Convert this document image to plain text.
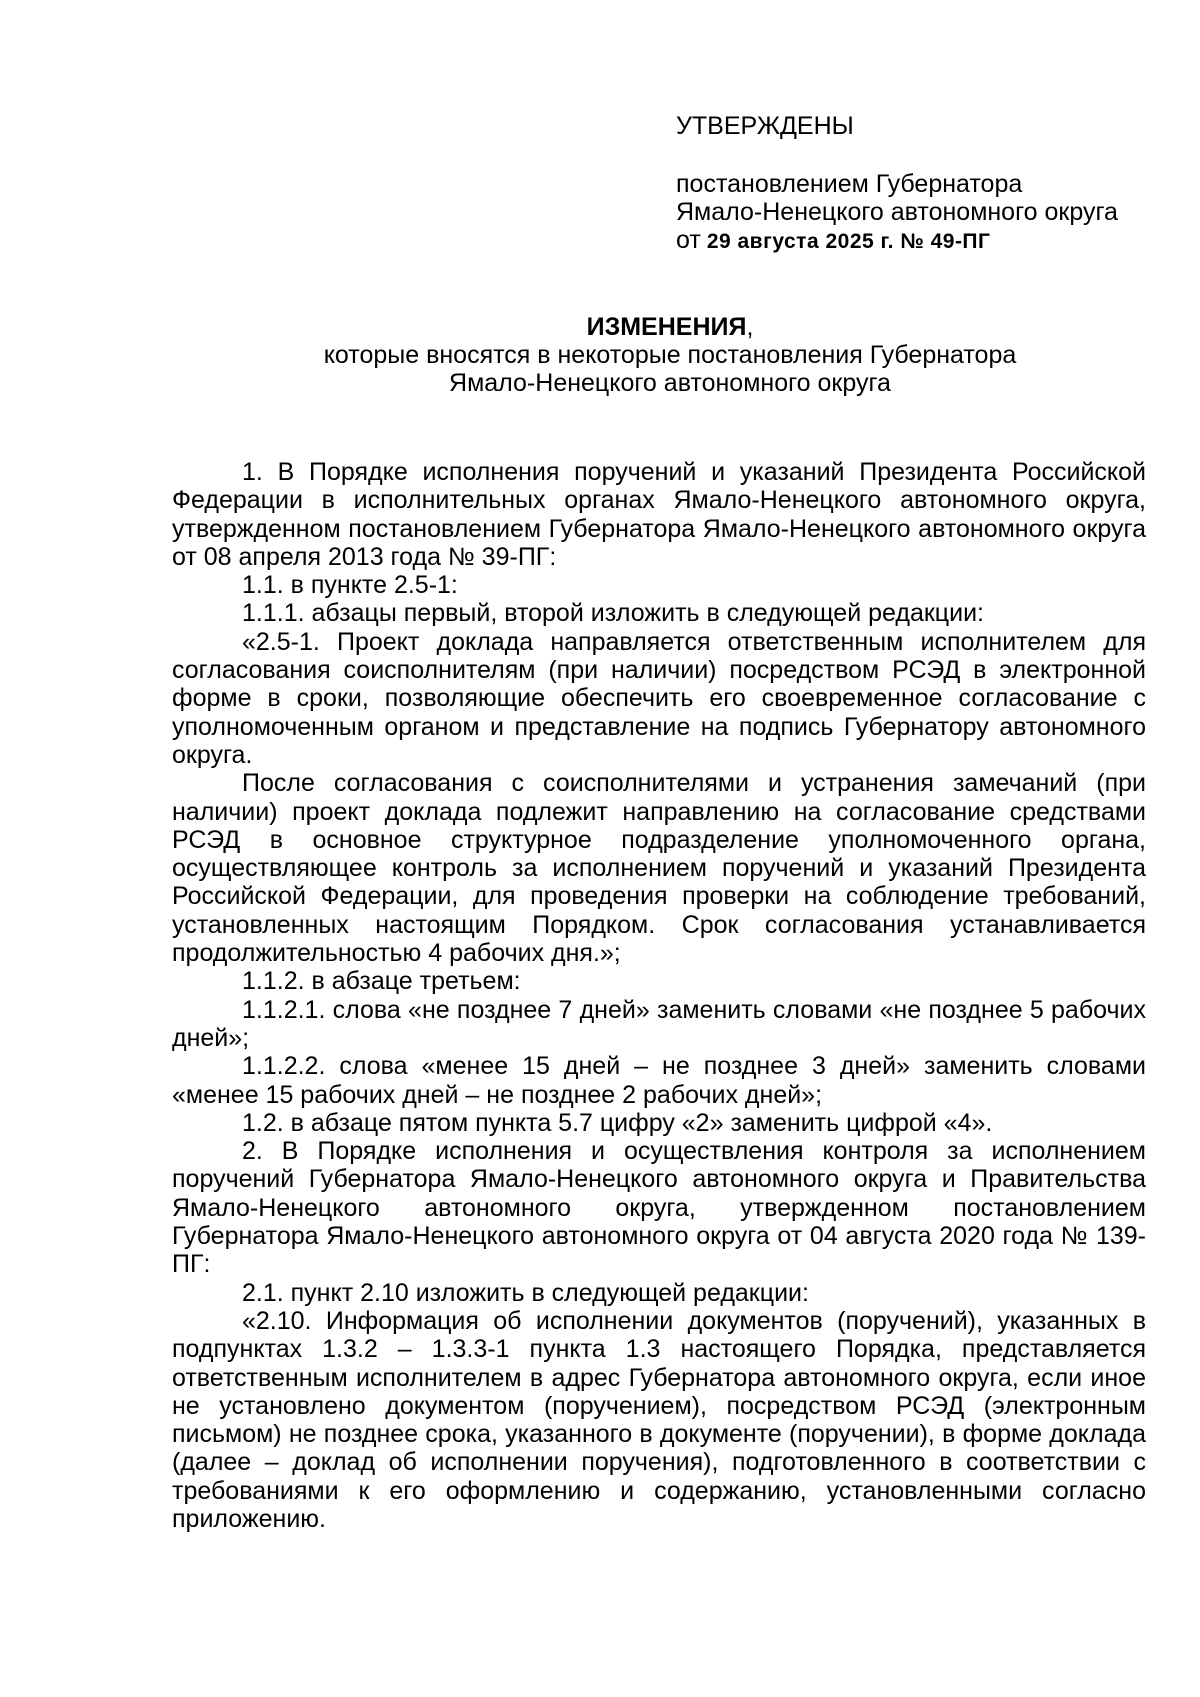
УТВЕРЖДЕНЫ
постановлением Губернатора
Ямало-Ненецкого автономного округа
от 29 августа 2025 г. № 49-ПГ
ИЗМЕНЕНИЯ,
которые вносятся в некоторые постановления Губернатора
Ямало-Ненецкого автономного округа

1. В Порядке исполнения поручений и указаний Президента Российской Федерации в исполнительных органах Ямало-Ненецкого автономного округа, утвержденном постановлением Губернатора Ямало-Ненецкого автономного округа от 08 апреля 2013 года № 39-ПГ:

1.1. в пункте 2.5-1:

1.1.1. абзацы первый, второй изложить в следующей редакции:

«2.5-1. Проект доклада направляется ответственным исполнителем для согласования соисполнителям (при наличии) посредством РСЭД в электронной форме в сроки, позволяющие обеспечить его своевременное согласование с уполномоченным органом и представление на подпись Губернатору автономного округа.

После согласования с соисполнителями и устранения замечаний (при наличии) проект доклада подлежит направлению на согласование средствами РСЭД в основное структурное подразделение уполномоченного органа, осуществляющее контроль за исполнением поручений и указаний Президента Российской Федерации, для проведения проверки на соблюдение требований, установленных настоящим Порядком. Срок согласования устанавливается продолжительностью 4 рабочих дня.»;

1.1.2. в абзаце третьем:

1.1.2.1. слова «не позднее 7 дней» заменить словами «не позднее 5 рабочих дней»;

1.1.2.2. слова «менее 15 дней – не позднее 3 дней» заменить словами «менее 15 рабочих дней – не позднее 2 рабочих дней»;

1.2. в абзаце пятом пункта 5.7 цифру «2» заменить цифрой «4».

2. В Порядке исполнения и осуществления контроля за исполнением поручений Губернатора Ямало-Ненецкого автономного округа и Правительства Ямало-Ненецкого автономного округа, утвержденном постановлением Губернатора Ямало-Ненецкого автономного округа от 04 августа 2020 года № 139-ПГ:

2.1. пункт 2.10 изложить в следующей редакции:

«2.10. Информация об исполнении документов (поручений), указанных в подпунктах 1.3.2 – 1.3.3-1 пункта 1.3 настоящего Порядка, представляется ответственным исполнителем в адрес Губернатора автономного округа, если иное не установлено документом (поручением), посредством РСЭД (электронным письмом) не позднее срока, указанного в документе (поручении), в форме доклада (далее – доклад об исполнении поручения), подготовленного в соответствии с требованиями к его оформлению и содержанию, установленными согласно приложению.
